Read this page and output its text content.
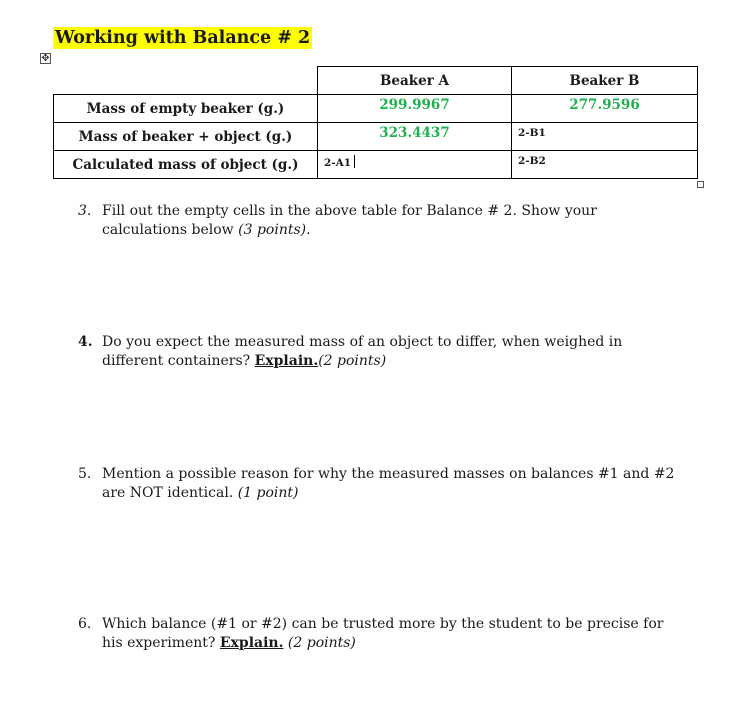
Working with Balance # 2
✥
	Beaker A	Beaker B
Mass of empty beaker (g.)	299.9967	277.9596
Mass of beaker + object (g.)	323.4437	2-B1
Calculated mass of object (g.)	2-A1	2-B2
3. Fill out the empty cells in the above table for Balance # 2. Show your calculations below (3 points).
4. Do you expect the measured mass of an object to differ, when weighed in different containers? Explain.(2 points)
5. Mention a possible reason for why the measured masses on balances #1 and #2 are NOT identical. (1 point)
6. Which balance (#1 or #2) can be trusted more by the student to be precise for his experiment? Explain. (2 points)
